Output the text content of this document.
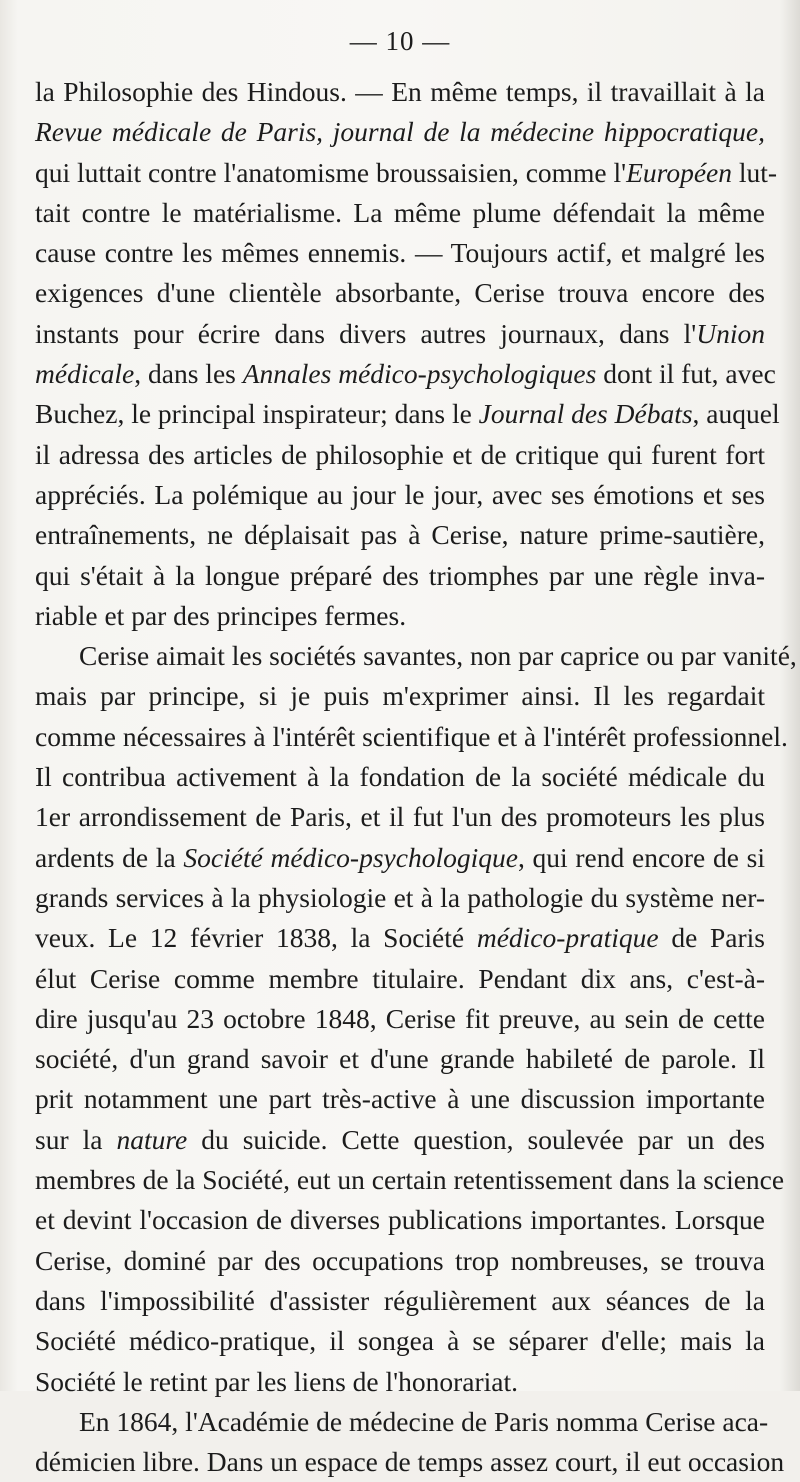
— 10 —
la Philosophie des Hindous. — En même temps, il travaillait à la
Revue médicale de Paris, journal de la médecine hippocratique,
qui luttait contre l'anatomisme broussaisien, comme l'Européen lut-
tait contre le matérialisme. La même plume défendait la même
cause contre les mêmes ennemis. — Toujours actif, et malgré les
exigences d'une clientèle absorbante, Cerise trouva encore des
instants pour écrire dans divers autres journaux, dans l'Union
médicale, dans les Annales médico-psychologiques dont il fut, avec
Buchez, le principal inspirateur; dans le Journal des Débats, auquel
il adressa des articles de philosophie et de critique qui furent fort
appréciés. La polémique au jour le jour, avec ses émotions et ses
entraînements, ne déplaisait pas à Cerise, nature prime-sautière,
qui s'était à la longue préparé des triomphes par une règle inva-
riable et par des principes fermes.
Cerise aimait les sociétés savantes, non par caprice ou par vanité,
mais par principe, si je puis m'exprimer ainsi. Il les regardait
comme nécessaires à l'intérêt scientifique et à l'intérêt professionnel.
Il contribua activement à la fondation de la société médicale du
1er arrondissement de Paris, et il fut l'un des promoteurs les plus
ardents de la Société médico-psychologique, qui rend encore de si
grands services à la physiologie et à la pathologie du système ner-
veux. Le 12 février 1838, la Société médico-pratique de Paris
élut Cerise comme membre titulaire. Pendant dix ans, c'est-à-
dire jusqu'au 23 octobre 1848, Cerise fit preuve, au sein de cette
société, d'un grand savoir et d'une grande habileté de parole. Il
prit notamment une part très-active à une discussion importante
sur la nature du suicide. Cette question, soulevée par un des
membres de la Société, eut un certain retentissement dans la science
et devint l'occasion de diverses publications importantes. Lorsque
Cerise, dominé par des occupations trop nombreuses, se trouva
dans l'impossibilité d'assister régulièrement aux séances de la
Société médico-pratique, il songea à se séparer d'elle; mais la
Société le retint par les liens de l'honorariat.
En 1864, l'Académie de médecine de Paris nomma Cerise aca-
démicien libre. Dans un espace de temps assez court, il eut occasion
